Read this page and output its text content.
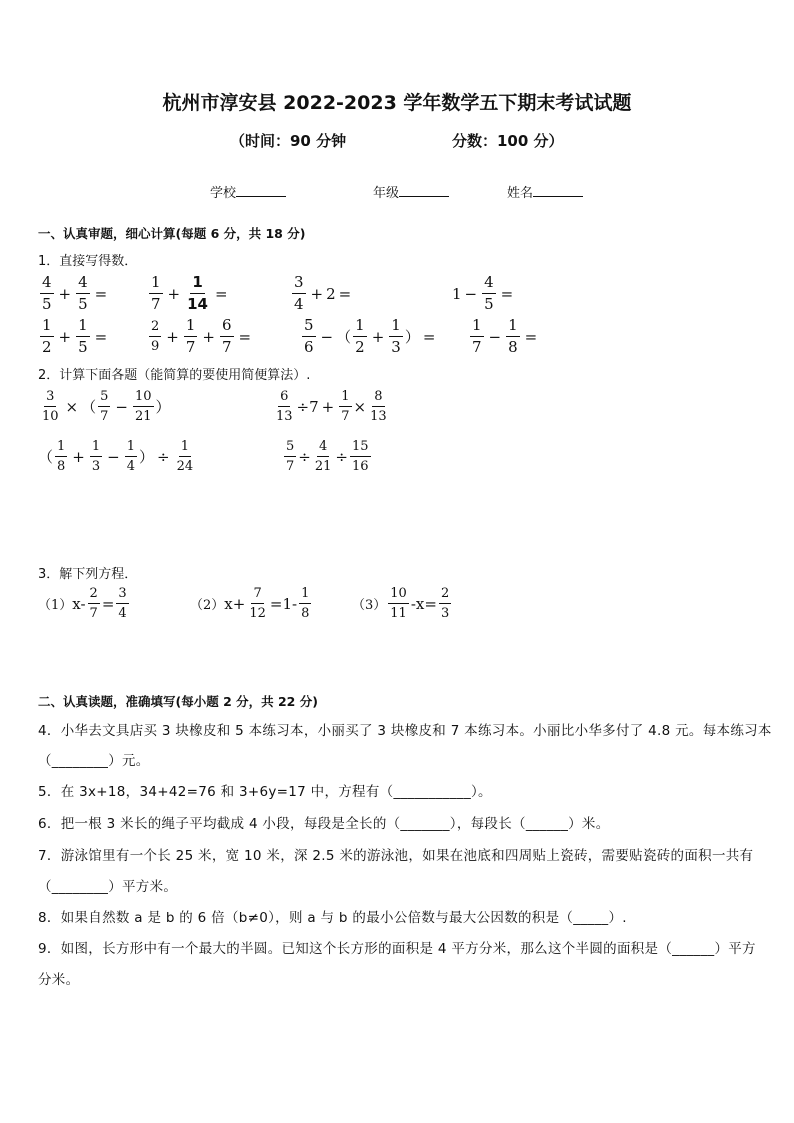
杭州市淳安县 2022-2023 学年数学五下期末考试试题
（时间：90 分钟	分数：100 分）
学校	年级	姓名
一、认真审题，细心计算(每题 6 分，共 18 分)
1．直接写得数．
$\frac{4}{5} + \frac{4}{5}$ =	$\frac{1}{7} + \frac{1}{14}$ =	$\frac{3}{4} + 2$ =	$1 - \frac{4}{5}$ =
$\frac{1}{2} + \frac{1}{5}$ =	$\frac{2}{9} + \frac{1}{7} + \frac{6}{7}$ =	$\frac{5}{6}$ − （ $\frac{1}{2} + \frac{1}{3}$ ） = $\frac{1}{7} - \frac{1}{8}$ =
2．计算下面各题（能简算的要使用简便算法）.
$\frac{3}{10}$ × （ $\frac{5}{7} - \frac{10}{21}$ ）	$\frac{6}{13} \div 7 + \frac{1}{7} \times \frac{8}{13}$
（ $\frac{1}{8} + \frac{1}{3} - \frac{1}{4}$ ） ÷ $\frac{1}{24}$	$\frac{5}{7} \div \frac{4}{21} \div \frac{15}{16}$
3．解下列方程．
（1） $x- \frac{2}{7} = \frac{3}{4}$	（2） $x+ \frac{7}{12} = 1- \frac{1}{8}$	$(3) \frac{10}{11} -x= \frac{2}{3}$
二、认真读题，准确填写(每小题 2 分，共 22 分)
4．小华去文具店买 3 块橡皮和 5 本练习本，小丽买了 3 块橡皮和 7 本练习本。小丽比小华多付了 4.8 元。每本练习本
（________）元。
5．在 3x+18，34+42=76 和 3+6y=17 中，方程有（___________）。
6．把一根 3 米长的绳子平均截成 4 小段，每段是全长的（_______），每段长（______）米。
7．游泳馆里有一个长 25 米，宽 10 米，深 2.5 米的游泳池，如果在池底和四周贴上瓷砖，需要贴瓷砖的面积一共有
（________）平方米。
8．如果自然数 a 是 b 的 6 倍（b≠0），则 a 与 b 的最小公倍数与最大公因数的积是（_____）.
9．如图，长方形中有一个最大的半圆。已知这个长方形的面积是 4 平方分米，那么这个半圆的面积是（______）平方
分米。
